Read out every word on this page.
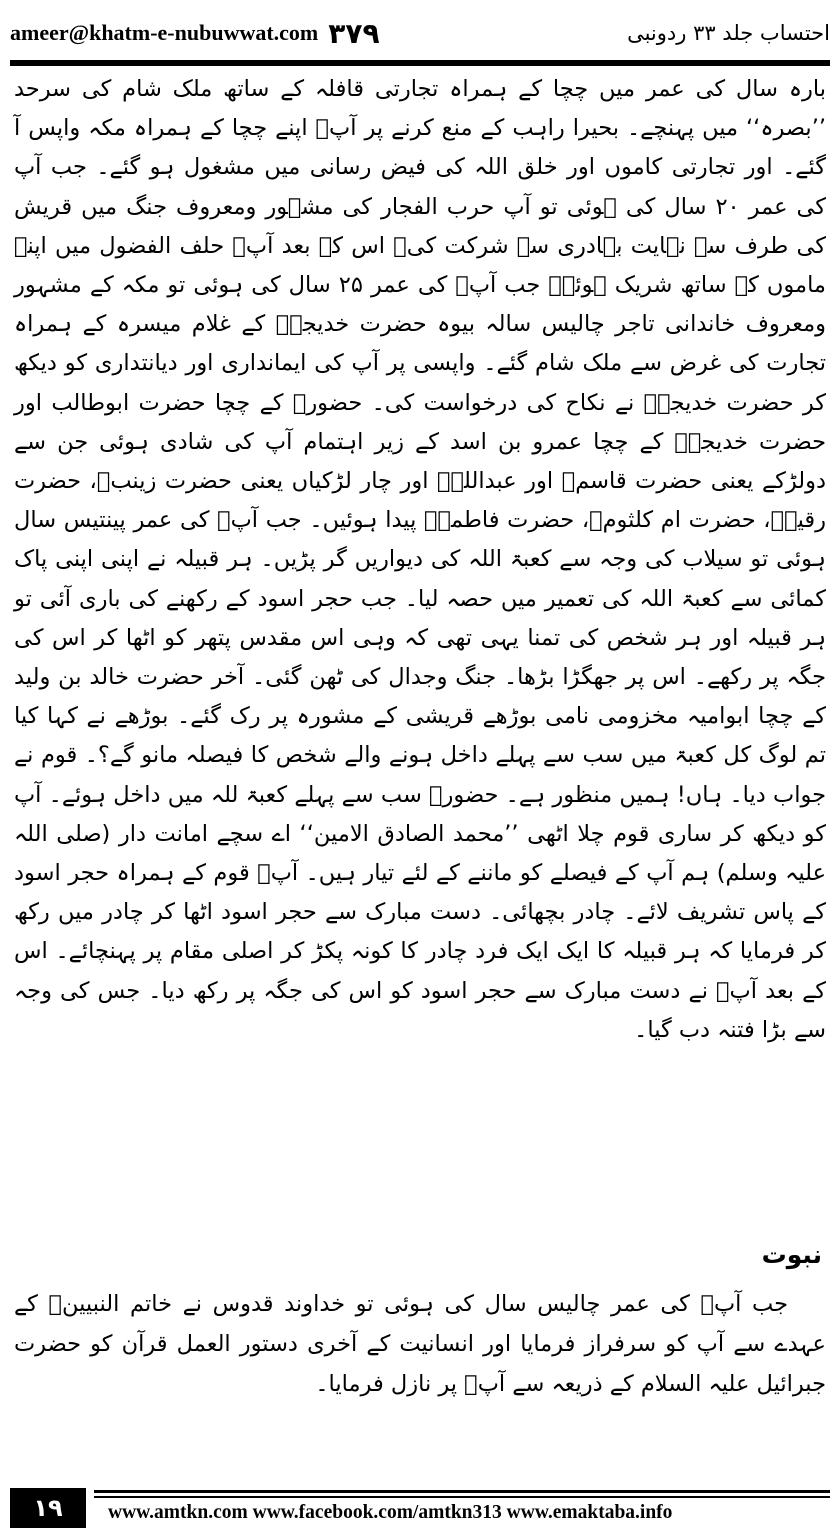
ameer@khatm-e-nubuwwat.com ۳۷۹	احتساب جلد ۳۳ ردونبی

بارہ سال کی عمر میں چچا کے ہمراہ تجارتی قافلہ کے ساتھ ملک شام کی سرحد ’’بصرہ‘‘ میں پہنچے۔ بحیرا راہب کے منع کرنے پر آپؐ اپنے چچا کے ہمراہ مکہ واپس آ گئے۔ اور تجارتی کاموں اور خلق اللہ کی فیض رسانی میں مشغول ہو گئے۔ جب آپ کی عمر ۲۰ سال کی ہوئی تو آپ حرب الفجار کی مشہور ومعروف جنگ میں قریش کی طرف سے نہایت بہادری سے شرکت کی۔ اس کے بعد آپؐ حلف الفضول میں اپنے ماموں کے ساتھ شریک ہوئے۔ جب آپؐ کی عمر ۲۵ سال کی ہوئی تو مکہ کے مشہور ومعروف خاندانی تاجر چالیس سالہ بیوہ حضرت خدیجہؓ کے غلام میسرہ کے ہمراہ تجارت کی غرض سے ملک شام گئے۔ واپسی پر آپ کی ایمانداری اور دیانتداری کو دیکھ کر حضرت خدیجہؓ نے نکاح کی درخواست کی۔ حضورﷺ کے چچا حضرت ابوطالب اور حضرت خدیجہؓ کے چچا عمرو بن اسد کے زیر اہتمام آپ کی شادی ہوئی جن سے دولڑکے یعنی حضرت قاسمؓ اور عبداللہؓ اور چار لڑکیاں یعنی حضرت زینبؓ، حضرت رقیہؓ، حضرت ام کلثومؓ، حضرت فاطمہؓ پیدا ہوئیں۔ جب آپؐ کی عمر پینتیس سال ہوئی تو سیلاب کی وجہ سے کعبۃ اللہ کی دیواریں گر پڑیں۔ ہر قبیلہ نے اپنی اپنی پاک کمائی سے کعبۃ اللہ کی تعمیر میں حصہ لیا۔ جب حجر اسود کے رکھنے کی باری آئی تو ہر قبیلہ اور ہر شخص کی تمنا یہی تھی کہ وہی اس مقدس پتھر کو اٹھا کر اس کی جگہ پر رکھے۔ اس پر جھگڑا بڑھا۔ جنگ وجدال کی ٹھن گئی۔ آخر حضرت خالد بن ولید کے چچا ابوامیہ مخزومی نامی بوڑھے قریشی کے مشورہ پر رک گئے۔ بوڑھے نے کہا کیا تم لوگ کل کعبۃ میں سب سے پہلے داخل ہونے والے شخص کا فیصلہ مانو گے؟۔ قوم نے جواب دیا۔ ہاں! ہمیں منظور ہے۔ حضورﷺ سب سے پہلے کعبۃ للہ میں داخل ہوئے۔ آپ کو دیکھ کر ساری قوم چلا اٹھی ’’محمد الصادق الامین‘‘ اے سچے امانت دار (صلی اللہ علیہ وسلم) ہم آپ کے فیصلے کو ماننے کے لئے تیار ہیں۔ آپؐ قوم کے ہمراہ حجر اسود کے پاس تشریف لائے۔ چادر بچھائی۔ دست مبارک سے حجر اسود اٹھا کر چادر میں رکھ کر فرمایا کہ ہر قبیلہ کا ایک ایک فرد چادر کا کونہ پکڑ کر اصلی مقام پر پہنچائے۔ اس کے بعد آپؐ نے دست مبارک سے حجر اسود کو اس کی جگہ پر رکھ دیا۔ جس کی وجہ سے بڑا فتنہ دب گیا۔

نبوت

جب آپؐ کی عمر چالیس سال کی ہوئی تو خداوند قدوس نے خاتم النبیینؐ کے عہدے سے آپ کو سرفراز فرمایا اور انسانیت کے آخری دستور العمل قرآن کو حضرت جبرائیل علیہ السلام کے ذریعہ سے آپؐ پر نازل فرمایا۔

۱۹ www.amtkn.com www.facebook.com/amtkn313 www.emaktaba.info
